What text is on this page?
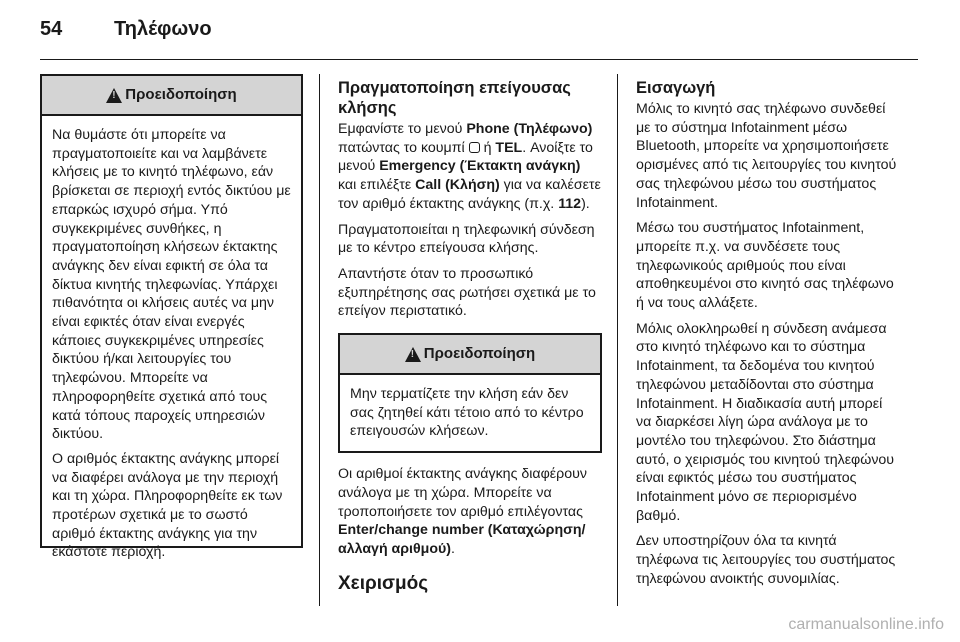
54	Τηλέφωνο
!
Προειδοποίηση

Να θυμάστε ότι μπορείτε να πραγματοποιείτε και να λαμβάνετε κλήσεις με το κινητό τηλέφωνο, εάν βρίσκεται σε περιοχή εντός δικτύου με επαρκώς ισχυρό σήμα. Υπό συγκεκριμένες συνθήκες, η πραγματοποίηση κλήσεων έκτακτης ανάγκης δεν είναι εφικτή σε όλα τα δίκτυα κινητής τηλεφωνίας. Υπάρχει πιθανότητα οι κλήσεις αυτές να μην είναι εφικτές όταν είναι ενεργές κάποιες συγκεκριμένες υπηρεσίες δικτύου ή/και λειτουργίες του τηλεφώνου. Μπορείτε να πληροφορηθείτε σχετικά από τους κατά τόπους παροχείς υπηρεσιών δικτύου.

Ο αριθμός έκτακτης ανάγκης μπορεί να διαφέρει ανάλογα με την περιοχή και τη χώρα. Πληροφορηθείτε εκ των προτέρων σχετικά με το σωστό αριθμό έκτακτης ανάγκης για την εκάστοτε περιοχή.

Πραγματοποίηση επείγουσας κλήσης

Εμφανίστε το μενού Phone (Τηλέφωνο) πατώντας το κουμπί  ή TEL. Ανοίξτε το μενού Emergency (Έκτακτη ανάγκη) και επιλέξτε Call (Κλήση) για να καλέσετε τον αριθμό έκτακτης ανάγκης (π.χ. 112).

Πραγματοποιείται η τηλεφωνική σύνδεση με το κέντρο επείγουσα κλήσης.

Απαντήστε όταν το προσωπικό εξυπηρέτησης σας ρωτήσει σχετικά με το επείγον περιστατικό.

!
Προειδοποίηση

Μην τερματίζετε την κλήση εάν δεν σας ζητηθεί κάτι τέτοιο από το κέντρο επειγουσών κλήσεων.

Οι αριθμοί έκτακτης ανάγκης διαφέρουν ανάλογα με τη χώρα. Μπορείτε να τροποποιήσετε τον αριθμό επιλέγοντας Enter/change number (Καταχώρηση/αλλαγή αριθμού).

Χειρισμός
Εισαγωγή

Μόλις το κινητό σας τηλέφωνο συνδεθεί με το σύστημα Infotainment μέσω Bluetooth, μπορείτε να χρησιμοποιήσετε ορισμένες από τις λειτουργίες του κινητού σας τηλεφώνου μέσω του συστήματος Infotainment.

Μέσω του συστήματος Infotainment, μπορείτε π.χ. να συνδέσετε τους τηλεφωνικούς αριθμούς που είναι αποθηκευμένοι στο κινητό σας τηλέφωνο ή να τους αλλάξετε.

Μόλις ολοκληρωθεί η σύνδεση ανάμεσα στο κινητό τηλέφωνο και το σύστημα Infotainment, τα δεδομένα του κινητού τηλεφώνου μεταδίδονται στο σύστημα Infotainment. Η διαδικασία αυτή μπορεί να διαρκέσει λίγη ώρα ανάλογα με το μοντέλο του τηλεφώνου. Στο διάστημα αυτό, ο χειρισμός του κινητού τηλεφώνου είναι εφικτός μέσω του συστήματος Infotainment μόνο σε περιορισμένο βαθμό.

Δεν υποστηρίζουν όλα τα κινητά τηλέφωνα τις λειτουργίες του συστήματος τηλεφώνου ανοικτής συνομιλίας.

carmanualsonline.info
